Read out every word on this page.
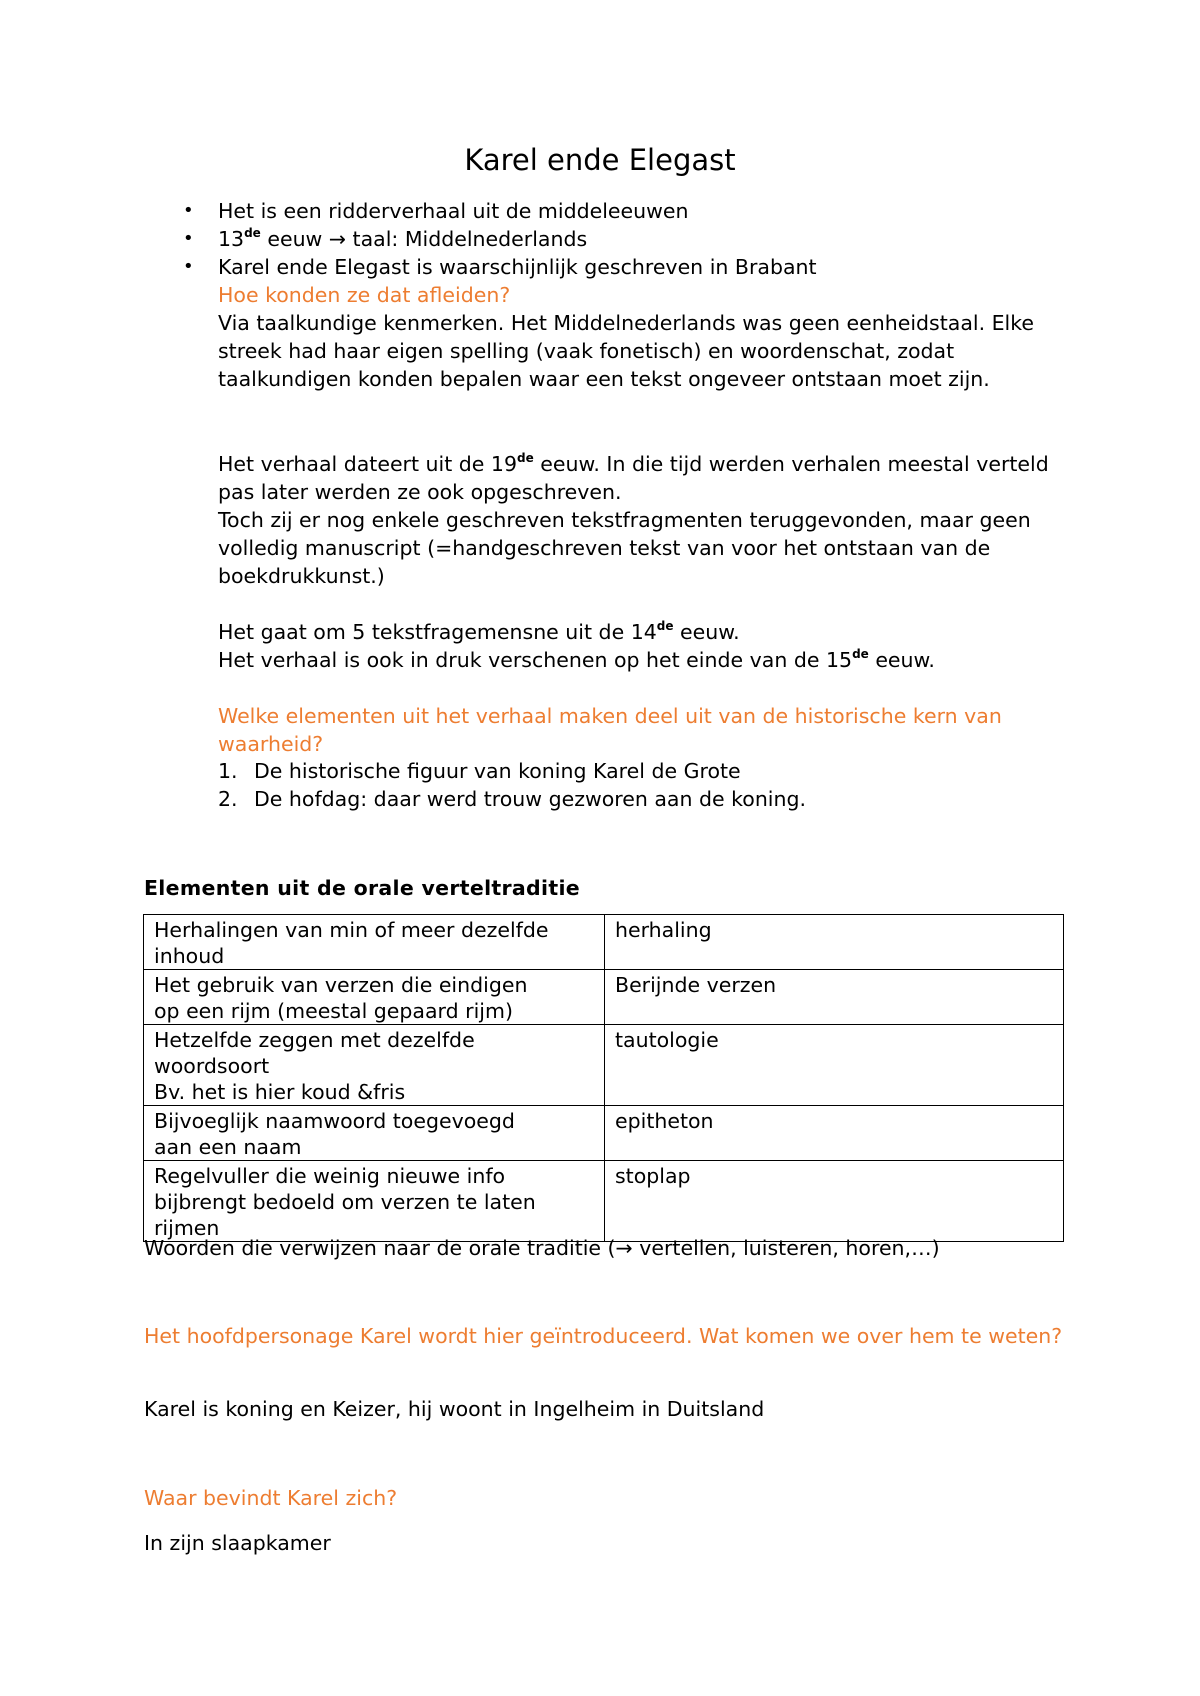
Karel ende Elegast
• Het is een ridderverhaal uit de middeleeuwen
• 13de eeuw → taal: Middelnederlands
• Karel ende Elegast is waarschijnlijk geschreven in Brabant
Hoe konden ze dat afleiden?
Via taalkundige kenmerken. Het Middelnederlands was geen eenheidstaal. Elke streek had haar eigen spelling (vaak fonetisch) en woordenschat, zodat taalkundigen konden bepalen waar een tekst ongeveer ontstaan moet zijn.
Het verhaal dateert uit de 19de eeuw. In die tijd werden verhalen meestal verteld pas later werden ze ook opgeschreven.
Toch zij er nog enkele geschreven tekstfragmenten teruggevonden, maar geen volledig manuscript (=handgeschreven tekst van voor het ontstaan van de boekdrukkunst.)
Het gaat om 5 tekstfragemensne uit de 14de eeuw.
Het verhaal is ook in druk verschenen op het einde van de 15de eeuw.
Welke elementen uit het verhaal maken deel uit van de historische kern van waarheid?
1. De historische figuur van koning Karel de Grote
2. De hofdag: daar werd trouw gezworen aan de koning.
Elementen uit de orale verteltraditie
Herhalingen van min of meer dezelfde
inhoud	herhaling

Het gebruik van verzen die eindigen
op een rijm (meestal gepaard rijm)	Berijnde verzen

Hetzelfde zeggen met dezelfde
woordsoort
Bv. het is hier koud &fris	tautologie

Bijvoeglijk naamwoord toegevoegd
aan een naam	epitheton

Regelvuller die weinig nieuwe info
bijbrengt bedoeld om verzen te laten
rijmen	stoplap
Woorden die verwijzen naar de orale traditie (→ vertellen, luisteren, horen,…)
Het hoofdpersonage Karel wordt hier geïntroduceerd. Wat komen we over hem te weten?
Karel is koning en Keizer, hij woont in Ingelheim in Duitsland
Waar bevindt Karel zich?
In zijn slaapkamer
